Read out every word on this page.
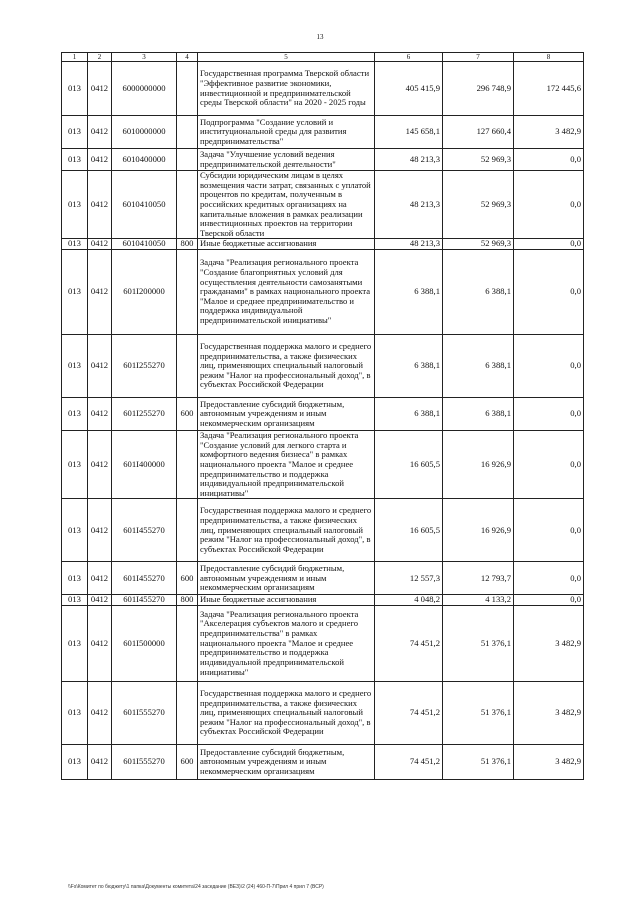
13
1	2	3	4	5	6	7	8
013	0412	6000000000		Государственная программа Тверской области "Эффективное развитие экономики, инвестиционной и предпринимательской среды Тверской области" на 2020 - 2025 годы	405 415,9	296 748,9	172 445,6
013	0412	6010000000		Подпрограмма "Создание условий и институциональной среды для развития предпринимательства"	145 658,1	127 660,4	3 482,9
013	0412	6010400000		Задача "Улучшение условий ведения предпринимательской деятельности"	48 213,3	52 969,3	0,0
013	0412	6010410050		Субсидии юридическим лицам в целях возмещения части затрат, связанных с уплатой процентов по кредитам, полученным в российских кредитных организациях на капитальные вложения в рамках реализации инвестиционных проектов на территории Тверской области	48 213,3	52 969,3	0,0
013	0412	6010410050	800	Иные бюджетные ассигнования	48 213,3	52 969,3	0,0
013	0412	601I200000		Задача "Реализация регионального проекта "Создание благоприятных условий для осуществления деятельности самозанятыми гражданами" в рамках национального проекта "Малое и среднее предпринимательство и поддержка индивидуальной предпринимательской инициативы"	6 388,1	6 388,1	0,0
013	0412	601I255270		Государственная поддержка малого и среднего предпринимательства, а также физических лиц, применяющих специальный налоговый режим "Налог на профессиональный доход", в субъектах Российской Федерации	6 388,1	6 388,1	0,0
013	0412	601I255270	600	Предоставление субсидий бюджетным, автономным учреждениям и иным некоммерческим организациям	6 388,1	6 388,1	0,0
013	0412	601I400000		Задача "Реализация регионального проекта "Создание условий для легкого старта и комфортного ведения бизнеса" в рамках национального проекта "Малое и среднее предпринимательство и поддержка индивидуальной предпринимательской инициативы"	16 605,5	16 926,9	0,0
013	0412	601I455270		Государственная поддержка малого и среднего предпринимательства, а также физических лиц, применяющих специальный налоговый режим "Налог на профессиональный доход", в субъектах Российской Федерации	16 605,5	16 926,9	0,0
013	0412	601I455270	600	Предоставление субсидий бюджетным, автономным учреждениям и иным некоммерческим организациям	12 557,3	12 793,7	0,0
013	0412	601I455270	800	Иные бюджетные ассигнования	4 048,2	4 133,2	0,0
013	0412	601I500000		Задача "Реализация регионального проекта "Акселерация субъектов малого и среднего предпринимательства" в рамках национального проекта "Малое и среднее предпринимательство и поддержка индивидуальной предпринимательской инициативы"	74 451,2	51 376,1	3 482,9
013	0412	601I555270		Государственная поддержка малого и среднего предпринимательства, а также физических лиц, применяющих специальный налоговый режим "Налог на профессиональный доход", в субъектах Российской Федерации	74 451,2	51 376,1	3 482,9
013	0412	601I555270	600	Предоставление субсидий бюджетным, автономным учреждениям и иным некоммерческим организациям	74 451,2	51 376,1	3 482,9
\\Fs\Комитет по бюджету\1 папка\Документы комитета\24 заседание (ВЕЗ)\2 (24) 460-П-7\Прил 4 прил 7 (ВСР)
